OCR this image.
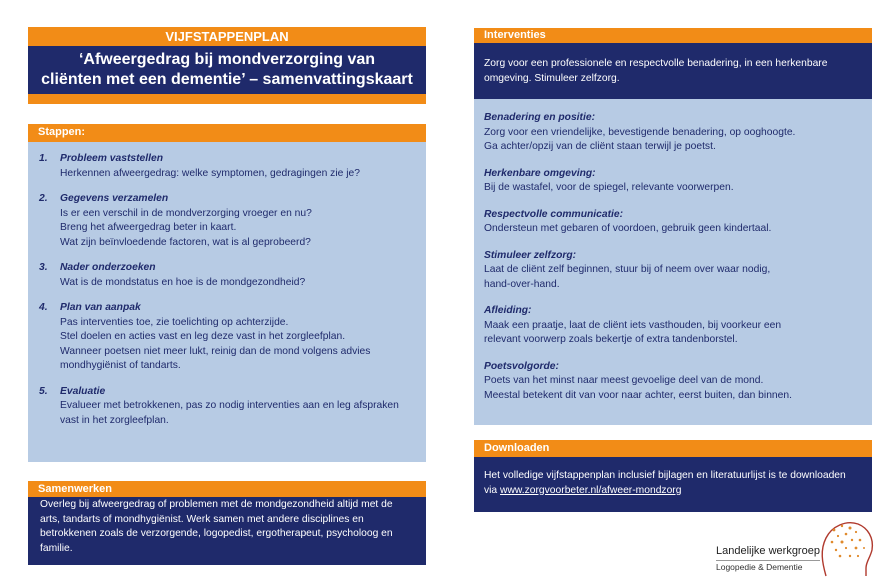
VIJFSTAPPENPLAN
‘Afweergedrag bij mondverzorging van
cliënten met een dementie’ – samenvattingskaart
Stappen:
1. Probleem vaststellen
Herkennen afweergedrag: welke symptomen, gedragingen zie je?
2. Gegevens verzamelen
Is er een verschil in de mondverzorging vroeger en nu?
Breng het afweergedrag beter in kaart.
Wat zijn beïnvloedende factoren, wat is al geprobeerd?
3. Nader onderzoeken
Wat is de mondstatus en hoe is de mondgezondheid?
4. Plan van aanpak
Pas interventies toe, zie toelichting op achterzijde.
Stel doelen en acties vast en leg deze vast in het zorgleefplan.
Wanneer poetsen niet meer lukt, reinig dan de mond volgens advies
mondhygiënist of tandarts.
5. Evaluatie
Evalueer met betrokkenen, pas zo nodig interventies aan en leg afspraken
vast in het zorgleefplan.
Samenwerken
Overleg bij afweergedrag of problemen met de mondgezondheid altijd met de
arts, tandarts of mondhygiënist. Werk samen met andere disciplines en
betrokkenen zoals de verzorgende, logopedist, ergotherapeut, psycholoog en
familie.
Interventies
Zorg voor een professionele en respectvolle benadering, in een herkenbare
omgeving. Stimuleer zelfzorg.
Benadering en positie:
Zorg voor een vriendelijke, bevestigende benadering, op ooghoogte.
Ga achter/opzij van de cliënt staan terwijl je poetst.
Herkenbare omgeving:
Bij de wastafel, voor de spiegel, relevante voorwerpen.
Respectvolle communicatie:
Ondersteun met gebaren of voordoen, gebruik geen kindertaal.
Stimuleer zelfzorg:
Laat de cliënt zelf beginnen, stuur bij of neem over waar nodig,
hand-over-hand.
Afleiding:
Maak een praatje, laat de cliënt iets vasthouden, bij voorkeur een
relevant voorwerp zoals bekertje of extra tandenborstel.
Poetsvolgorde:
Poets van het minst naar meest gevoelige deel van de mond.
Meestal betekent dit van voor naar achter, eerst buiten, dan binnen.
Downloaden
Het volledige vijfstappenplan inclusief bijlagen en literatuurlijst is te downloaden
via www.zorgvoorbeter.nl/afweer-mondzorg
Landelijke werkgroep
Logopedie & Dementie
